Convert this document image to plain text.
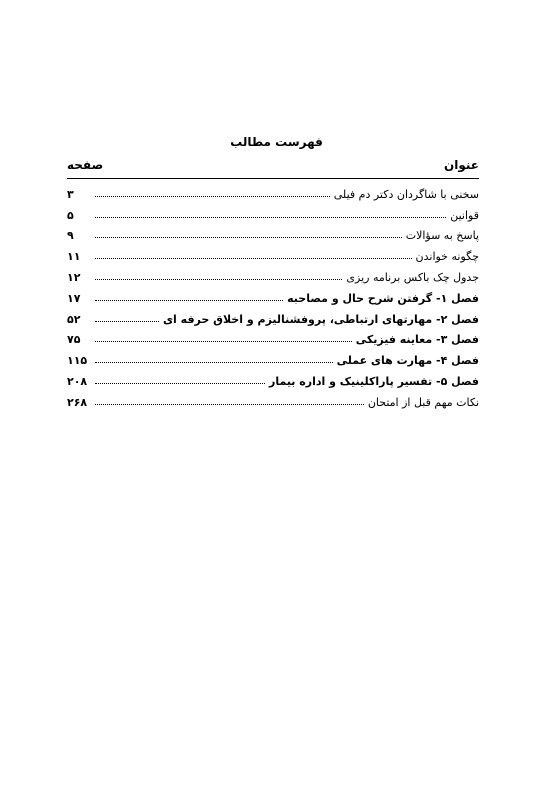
فهرست مطالب
عنوان
صفحه
سخنی با شاگردان دکتر دم فیلی
۳
قوانین
۵
پاسخ به سؤالات
۹
چگونه خواندن
۱۱
جدول چک باکس برنامه ریزی
۱۲
فصل ۱- گرفتن شرح حال و مصاحبه
۱۷
فصل ۲- مهارتهای ارتباطی، پروفشنالیزم و اخلاق حرفه ای
۵۲
فصل ۳- معاینه فیزیکی
۷۵
فصل ۴- مهارت های عملی
۱۱۵
فصل ۵- تفسیر پاراکلینیک و اداره بیمار
۲۰۸
نکات مهم قبل از امتحان
۲۶۸
